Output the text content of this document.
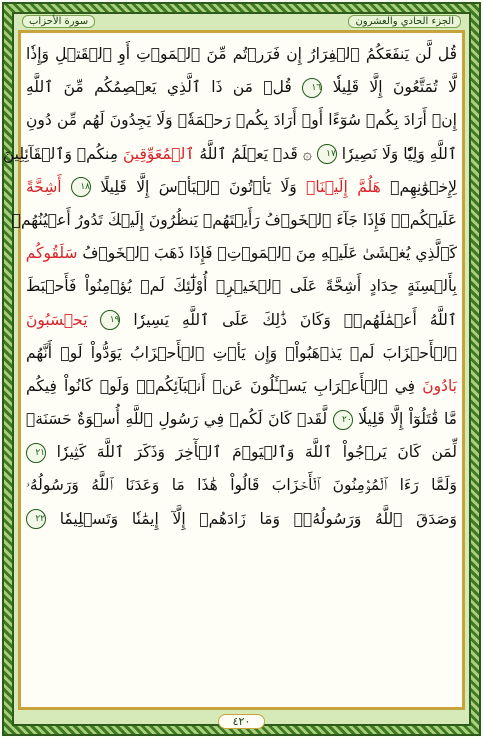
الجزء الحادي والعشرون
سورة الأحزاب
قُل لَّن يَنفَعَكُمُ ٱلۡفِرَارُ إِن فَرَرۡتُم مِّنَ ٱلۡمَوۡتِ أَوِ ٱلۡقَتۡلِ وَإِذٗا
لَّا تُمَتَّعُونَ إِلَّا قَلِيلٗا ١٦ قُلۡ مَن ذَا ٱلَّذِي يَعۡصِمُكُم مِّنَ ٱللَّهِ
إِنۡ أَرَادَ بِكُمۡ سُوٓءًا أَوۡ أَرَادَ بِكُمۡ رَحۡمَةٗۚ وَلَا يَجِدُونَ لَهُم مِّن دُونِ
ٱللَّهِ وَلِيّٗا وَلَا نَصِيرٗا ١٧ ۞ قَدۡ يَعۡلَمُ ٱللَّهُ ٱلۡمُعَوِّقِينَ مِنكُمۡ وَٱلۡقَآئِلِينَ
لِإِخۡوَٰنِهِمۡ هَلُمَّ إِلَيۡنَاۖ وَلَا يَأۡتُونَ ٱلۡبَأۡسَ إِلَّا قَلِيلًا ١٨ أَشِحَّةً
عَلَيۡكُمۡۖ فَإِذَا جَآءَ ٱلۡخَوۡفُ رَأَيۡتَهُمۡ يَنظُرُونَ إِلَيۡكَ تَدُورُ أَعۡيُنُهُمۡ
كَٱلَّذِي يُغۡشَىٰ عَلَيۡهِ مِنَ ٱلۡمَوۡتِۖ فَإِذَا ذَهَبَ ٱلۡخَوۡفُ سَلَقُوكُم
بِأَلۡسِنَةٍ حِدَادٍ أَشِحَّةً عَلَى ٱلۡخَيۡرِۚ أُوْلَٰٓئِكَ لَمۡ يُؤۡمِنُواْ فَأَحۡبَطَ
ٱللَّهُ أَعۡمَٰلَهُمۡۚ وَكَانَ ذَٰلِكَ عَلَى ٱللَّهِ يَسِيرٗا ١٩ يَحۡسَبُونَ
ٱلۡأَحۡزَابَ لَمۡ يَذۡهَبُواْۖ وَإِن يَأۡتِ ٱلۡأَحۡزَابُ يَوَدُّواْ لَوۡ أَنَّهُم
بَادُونَ فِي ٱلۡأَعۡرَابِ يَسۡـَٔلُونَ عَنۡ أَنۢبَآئِكُمۡۖ وَلَوۡ كَانُواْ فِيكُم
مَّا قَٰتَلُوٓاْ إِلَّا قَلِيلٗا ٢٠ لَّقَدۡ كَانَ لَكُمۡ فِي رَسُولِ ٱللَّهِ أُسۡوَةٌ حَسَنَةٞ
لِّمَن كَانَ يَرۡجُواْ ٱللَّهَ وَٱلۡيَوۡمَ ٱلۡأٓخِرَ وَذَكَرَ ٱللَّهَ كَثِيرٗا ٢١
وَلَمَّا رَءَا ٱلۡمُؤۡمِنُونَ ٱلۡأَحۡزَابَ قَالُواْ هَٰذَا مَا وَعَدَنَا ٱللَّهُ وَرَسُولُهُۥ
وَصَدَقَ ٱللَّهُ وَرَسُولُهُۥۚ وَمَا زَادَهُمۡ إِلَّآ إِيمَٰنٗا وَتَسۡلِيمٗا ٢٢
٤٢٠
